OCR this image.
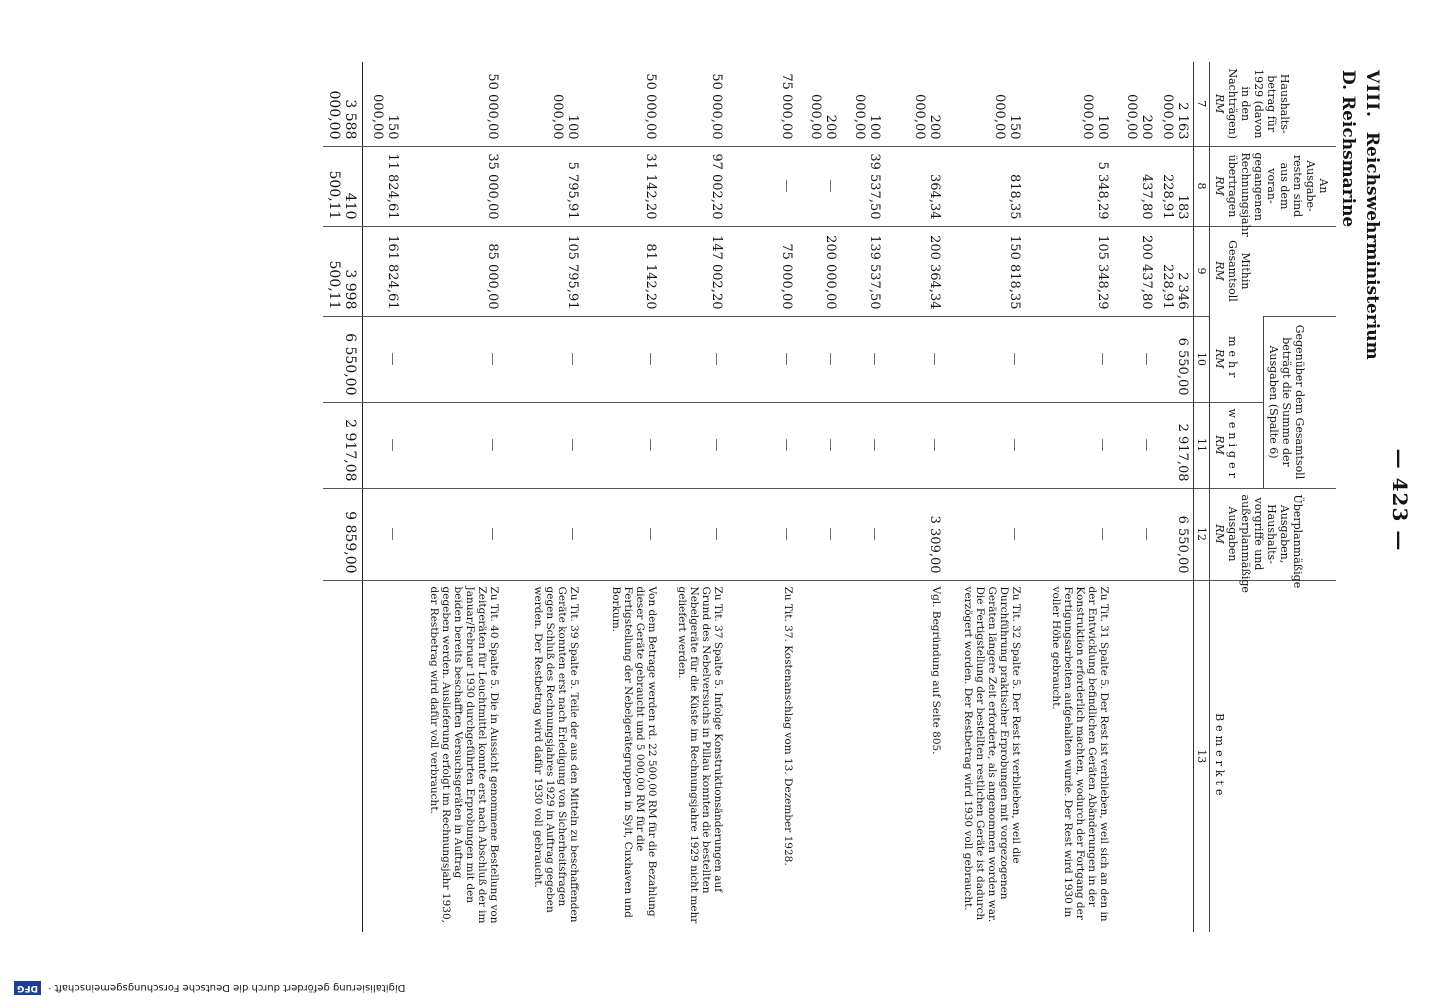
— 423 —
VIII. Reichswehrministerium
D. Reichsmarine
Haushalts-betrag für 1929 (davon in den Nachträgen)
RM	An Ausgabe-resten sind aus dem voran-gegangenen Rechnungsjahr übertragen
RM	Mithin Gesamtsoll
RM	Gegenüber dem Gesamtsoll beträgt die Summe der Ausgaben (Spalte 6)		Überplanmäßige Ausgaben, Haushalts-vorgriffe und außerplanmäßige Ausgaben
RM	Bemerkte
			mehr
RM	weniger
RM		

7	8	9	10	11	12	13
2 163 000,00	183 228,91	2 346 228,91	6 550,00	2 917,08	6 550,00	
200 000,00	437,80	200 437,80	—	—	—	
100 000,00	5 348,29	105 348,29	—	—	—	Zu Tit. 31 Spalte 5. Der Rest ist verblieben, weil sich an den in der Entwicklung befindlichen Geräten Abänderungen in der Konstruktion erforderlich machten, wodurch der Fortgang der Fertigungsarbeiten aufgehalten wurde. Der Rest wird 1930 in voller Höhe gebraucht.
150 000,00	818,35	150 818,35	—	—	—	Zu Tit. 32 Spalte 5. Der Rest ist verblieben, weil die Durchführung praktischer Erprobungen mit vorgezogenen Geräten längere Zeit erforderte, als angenommen worden war. Die Fertigstellung der bestellten restlichen Geräte ist dadurch verzögert worden. Der Restbetrag wird 1930 voll gebraucht.
200 000,00	364,34	200 364,34	—	—	3 309,00	Vgl. Begründung auf Seite 805.
100 000,00	39 537,50	139 537,50	—	—	—	
200 000,00	—	200 000,00	—	—	—	
75 000,00	—	75 000,00	—	—	—	Zu Tit. 37. Kostenanschlag vom 13. Dezember 1928.
50 000,00	97 002,20	147 002,20	—	—	—	Zu Tit. 37 Spalte 5. Infolge Konstruktionsänderungen auf Grund des Nebelversuchs in Pillau konnten die bestellten Nebelgeräte für die Küste im Rechnungsjahre 1929 nicht mehr geliefert werden.
50 000,00	31 142,20	81 142,20	—	—	—	Von dem Betrage werden rd. 22 500,00 RM für die Bezahlung dieser Geräte gebraucht und 5 000,00 RM für die Fertigstellung der Nebelgerätegruppen in Sylt, Cuxhaven und Borkum.
100 000,00	5 795,91	105 795,91	—	—	—	Zu Tit. 39 Spalte 5. Teile der aus den Mitteln zu beschaffenden Geräte konnten erst nach Erledigung von Sicherheitsfragen gegen Schluß des Rechnungsjahres 1929 in Auftrag gegeben werden. Der Restbetrag wird dafür 1930 voll gebraucht.
50 000,00	35 000,00	85 000,00	—	—	—	Zu Tit. 40 Spalte 5. Die in Aussicht genommene Bestellung von Zeitgeräten für Leuchtmittel konnte erst nach Abschluß der im Januar/Februar 1930 durchgeführten Erprobungen mit den beiden bereits beschafften Versuchsgeräten in Auftrag gegeben werden. Auslieferung erfolgt im Rechnungsjahr 1930, der Restbetrag wird dafür voll verbraucht.
150 000,00	11 824,61	161 824,61	—	—	—	
3 588 000,00	410 500,11	3 998 500,11	6 550,00	2 917,08	9 859,00	
Digitalisierung gefördert durch die Deutsche Forschungsgemeinschaft · DFG
